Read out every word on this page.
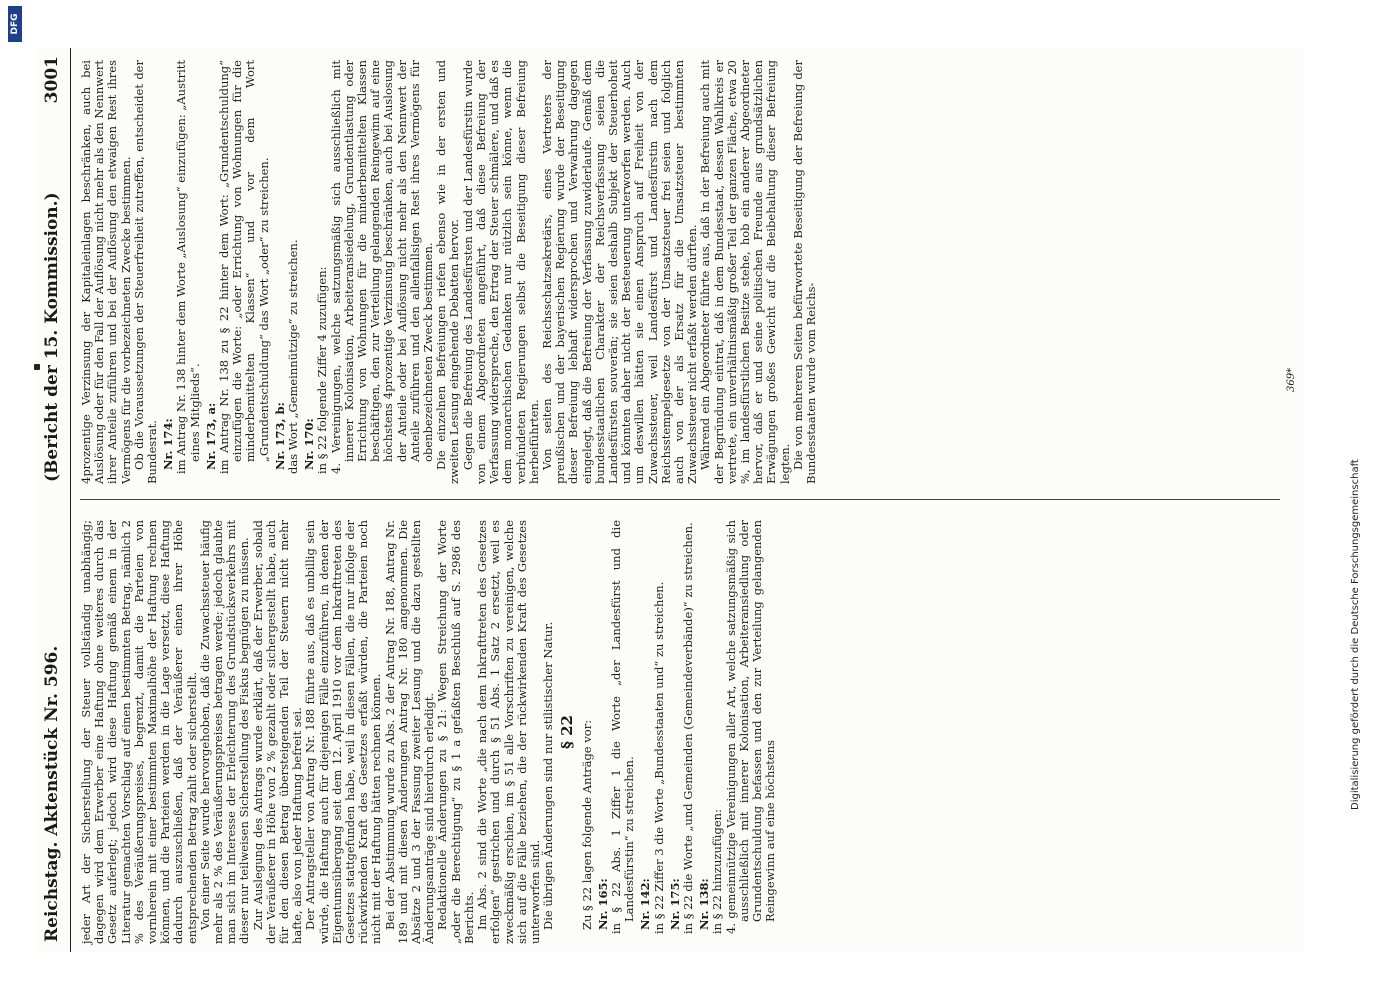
DFG
Digitalisierung gefördert durch die Deutsche Forschungsgemeinschaft
Reichstag. Aktenstück Nr. 596.
(Bericht der 15. Kommission.)
3001

jeder Art der Sicherstellung der Steuer vollständig unabhängig; dagegen wird dem Erwerber eine Haftung ohne weiteres durch das Gesetz auferlegt; jedoch wird diese Haftung gemäß einem in der Literatur gemachten Vorschlag auf einen bestimmten Betrag, nämlich 2 % des Veräußerungspreises, begrenzt, damit die Parteien von vornherein mit einer bestimmten Maximalhöhe der Haftung rechnen können, und die Parteien werden in die Lage versetzt, diese Haftung dadurch auszuschließen, daß der Veräußerer einen ihrer Höhe entsprechenden Betrag zahlt oder sicherstellt. Von einer Seite wurde hervorgehoben, daß die Zuwachssteuer häufig mehr als 2 % des Veräußerungspreises betragen werde; jedoch glaubte man sich im Interesse der Erleichterung des Grundstücksverkehrs mit dieser nur teilweisen Sicherstellung des Fiskus begnügen zu müssen. Zur Auslegung des Antrags wurde erklärt, daß der Erwerber, sobald der Veräußerer in Höhe von 2 % gezahlt oder sichergestellt habe, auch für den diesen Betrag übersteigenden Teil der Steuern nicht mehr hafte, also von jeder Haftung befreit sei. Der Antragsteller von Antrag Nr. 188 führte aus, daß es unbillig sein würde, die Haftung auch für diejenigen Fälle einzuführen, in denen der Eigentumsübergang seit dem 12. April 1910 vor dem Inkrafttreten des Gesetzes stattgefunden habe, weil in diesen Fällen, die nur infolge der rückwirkenden Kraft des Gesetzes erfaßt würden, die Parteien noch nicht mit der Haftung hätten rechnen können. Bei der Abstimmung wurde zu Abs. 2 der Antrag Nr. 188, Antrag Nr. 189 und mit diesen Änderungen Antrag Nr. 180 angenommen. Die Absätze 2 und 3 der Fassung zweiter Lesung und die dazu gestellten Änderungsanträge sind hierdurch erledigt. Redaktionelle Änderungen zu § 21: Wegen Streichung der Worte „oder die Berechtigung“ zu § 1 a gefaßten Beschluß auf S. 2986 des Berichts. Im Abs. 2 sind die Worte „die nach dem Inkrafttreten des Gesetzes erfolgen“ gestrichen und durch § 51 Abs. 1 Satz 2 ersetzt, weil es zweckmäßig erschien, im § 51 alle Vorschriften zu vereinigen, welche sich auf die Fälle beziehen, die der rückwirkenden Kraft des Gesetzes unterworfen sind. Die übrigen Änderungen sind nur stilistischer Natur. § 22 Zu § 22 lagen folgende Anträge vor: Nr. 165: in § 22 Abs. 1 Ziffer 1 die Worte „der Landesfürst und die Landesfürstin“ zu streichen. Nr. 142: in § 22 Ziffer 3 die Worte „Bundesstaaten und“ zu streichen. Nr. 175: in § 22 die Worte „und Gemeinden (Gemeindeverbände)“ zu streichen. Nr. 138: in § 22 hinzuzufügen: 4. gemeinnützige Vereinigungen aller Art, welche satzungsmäßig sich ausschließlich mit innerer Kolonisation, Arbeiteransiedlung oder Grundentschuldung befassen und den zur Verteilung gelangenden Reingewinn auf eine höchstens

4prozentige Verzinsung der Kapitaleinlagen beschränken, auch bei Auslösung oder für den Fall der Auflösung nicht mehr als den Nennwert ihrer Anteile zuführen und bei der Auflösung den etwaigen Rest ihres Vermögens für die vorbezeichneten Zwecke bestimmen. Ob die Voraussetzungen der Steuerfreiheit zutreffen, entscheidet der Bundesrat. Nr. 174: im Antrag Nr. 138 hinter dem Worte „Auslosung“ einzufügen: „Austritt eines Mitglieds“. Nr. 173, a: im Antrag Nr. 138 zu § 22 hinter dem Wort: „Grundentschuldung“ einzufügen die Worte: „oder Errichtung von Wohnungen für die minderbemittelten Klassen“ und vor dem Wort „Grundentschuldung“ das Wort „oder“ zu streichen. Nr. 173, b: das Wort „Gemeinnützige“ zu streichen. Nr. 170: in § 22 folgende Ziffer 4 zuzufügen: 4. Vereinigungen, welche satzungsmäßig sich ausschließlich mit innerer Kolonisation, Arbeiteransiedelung, Grundentlastung oder Errichtung von Wohnungen für die minderbemittelten Klassen beschäftigen, den zur Verteilung gelangenden Reingewinn auf eine höchstens 4prozentige Verzinsung beschränken, auch bei Auslosung der Anteile oder bei Auflösung nicht mehr als den Nennwert der Anteile zuführen und den allenfallsigen Rest ihres Vermögens für obenbezeichneten Zweck bestimmen. Die einzelnen Befreiungen riefen ebenso wie in der ersten und zweiten Lesung eingehende Debatten hervor. Gegen die Befreiung des Landesfürsten und der Landesfürstin wurde von einem Abgeordneten angeführt, daß diese Befreiung der Verfassung widerspreche, den Ertrag der Steuer schmälere, und daß es dem monarchischen Gedanken nur nützlich sein könne, wenn die verbündeten Regierungen selbst die Beseitigung dieser Befreiung herbeiführten. Von seiten des Reichsschatzsekretärs, eines Vertreters der preußischen und der bayerischen Regierung wurde der Beseitigung dieser Befreiung lebhaft widersprochen und Verwahrung dagegen eingelegt, daß die Befreiung der Verfassung zuwiderlaufe. Gemäß dem bundesstaatlichen Charakter der Reichsverfassung seien die Landesfürsten souverän; sie seien deshalb Subjekt der Steuerhoheit und könnten daher nicht der Besteuerung unterworfen werden. Auch um deswillen hätten sie einen Anspruch auf Freiheit von der Zuwachssteuer, weil Landesfürst und Landesfürstin nach dem Reichsstempelgesetze von der Umsatzsteuer frei seien und folglich auch von der als Ersatz für die Umsatzsteuer bestimmten Zuwachssteuer nicht erfaßt werden dürften. Während ein Abgeordneter führte aus, daß in der Befreiung auch mit der Begründung eintrat, daß in dem Bundesstaat, dessen Wahlkreis er vertrete, ein unverhältnismäßig großer Teil der ganzen Fläche, etwa 20 %, im landesfürstlichen Besitze stehe, hob ein anderer Abgeordneter hervor, daß er und seine politischen Freunde aus grundsätzlichen Erwägungen großes Gewicht auf die Beibehaltung dieser Befreiung legten. Die von mehreren Seiten befürwortete Beseitigung der Befreiung der Bundesstaaten wurde vom Reichs-	369*
